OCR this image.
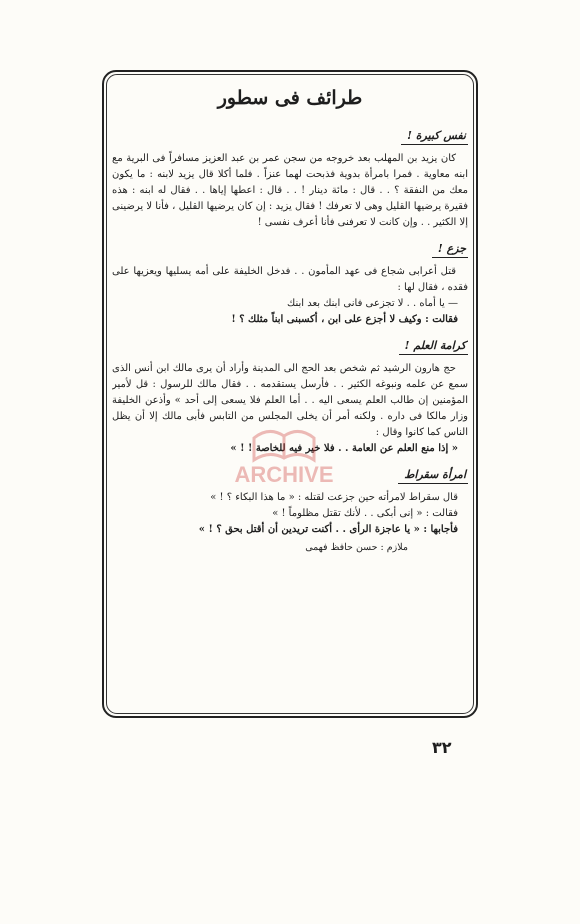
طرائف فى سطور
نفس كبيرة !

كان يزيد بن المهلب بعد خروجه من سجن عمر بن عبد العزيز مسافراً فى البرية مع ابنه معاوية . فمرا بامرأة بدوية فذبحت لهما عنزاً . فلما أكلا قال يزيد لابنه : ما يكون معك من النفقة ؟ . . قال : مائة دينار ! . . قال : اعطها إياها . . فقال له ابنه : هذه فقيرة يرضيها القليل وهى لا تعرفك ! فقال يزيد : إن كان يرضيها القليل ، فأنا لا يرضينى إلا الكثير . . وإن كانت لا تعرفنى فأنا أعرف نفسى !

جزع !

قتل أعرابى شجاع فى عهد المأمون . . فدخل الخليفة على أمه يسليها ويعزيها على فقده ، فقال لها :

— يا أماه . . لا تجزعى فانى ابنك بعد ابنك

فقالت : وكيف لا أجزع على ابن ، أكسبنى ابناً مثلك ؟ !

كرامة العلم !

حج هارون الرشيد ثم شخص بعد الحج الى المدينة وأراد أن يرى مالك ابن أنس الذى سمع عن علمه ونبوغه الكثير . . فأرسل يستقدمه . . فقال مالك للرسول : قل لأمير المؤمنين إن طالب العلم يسعى اليه . . أما العلم فلا يسعى إلى أحد » وأذعن الخليفة وزار مالكا فى داره . ولكنه أمر أن يخلى المجلس من التابس فأبى مالك إلا أن يظل الناس كما كانوا وقال :

« إذا منع العلم عن العامة . . فلا خير فيه للخاصة ! ! »

امرأة سقراط

قال سقراط لامرأته حين جزعت لقتله : « ما هذا البكاء ؟ ! »

فقالت : « إنى أبكى . . لأنك تقتل مظلوماً ! »

فأجابها : « يا عاجزة الرأى . . أكنت تريدين أن أقتل بحق ؟ ! »

ملازم : حسن حافظ فهمى

٣٢
ARCHIVE
